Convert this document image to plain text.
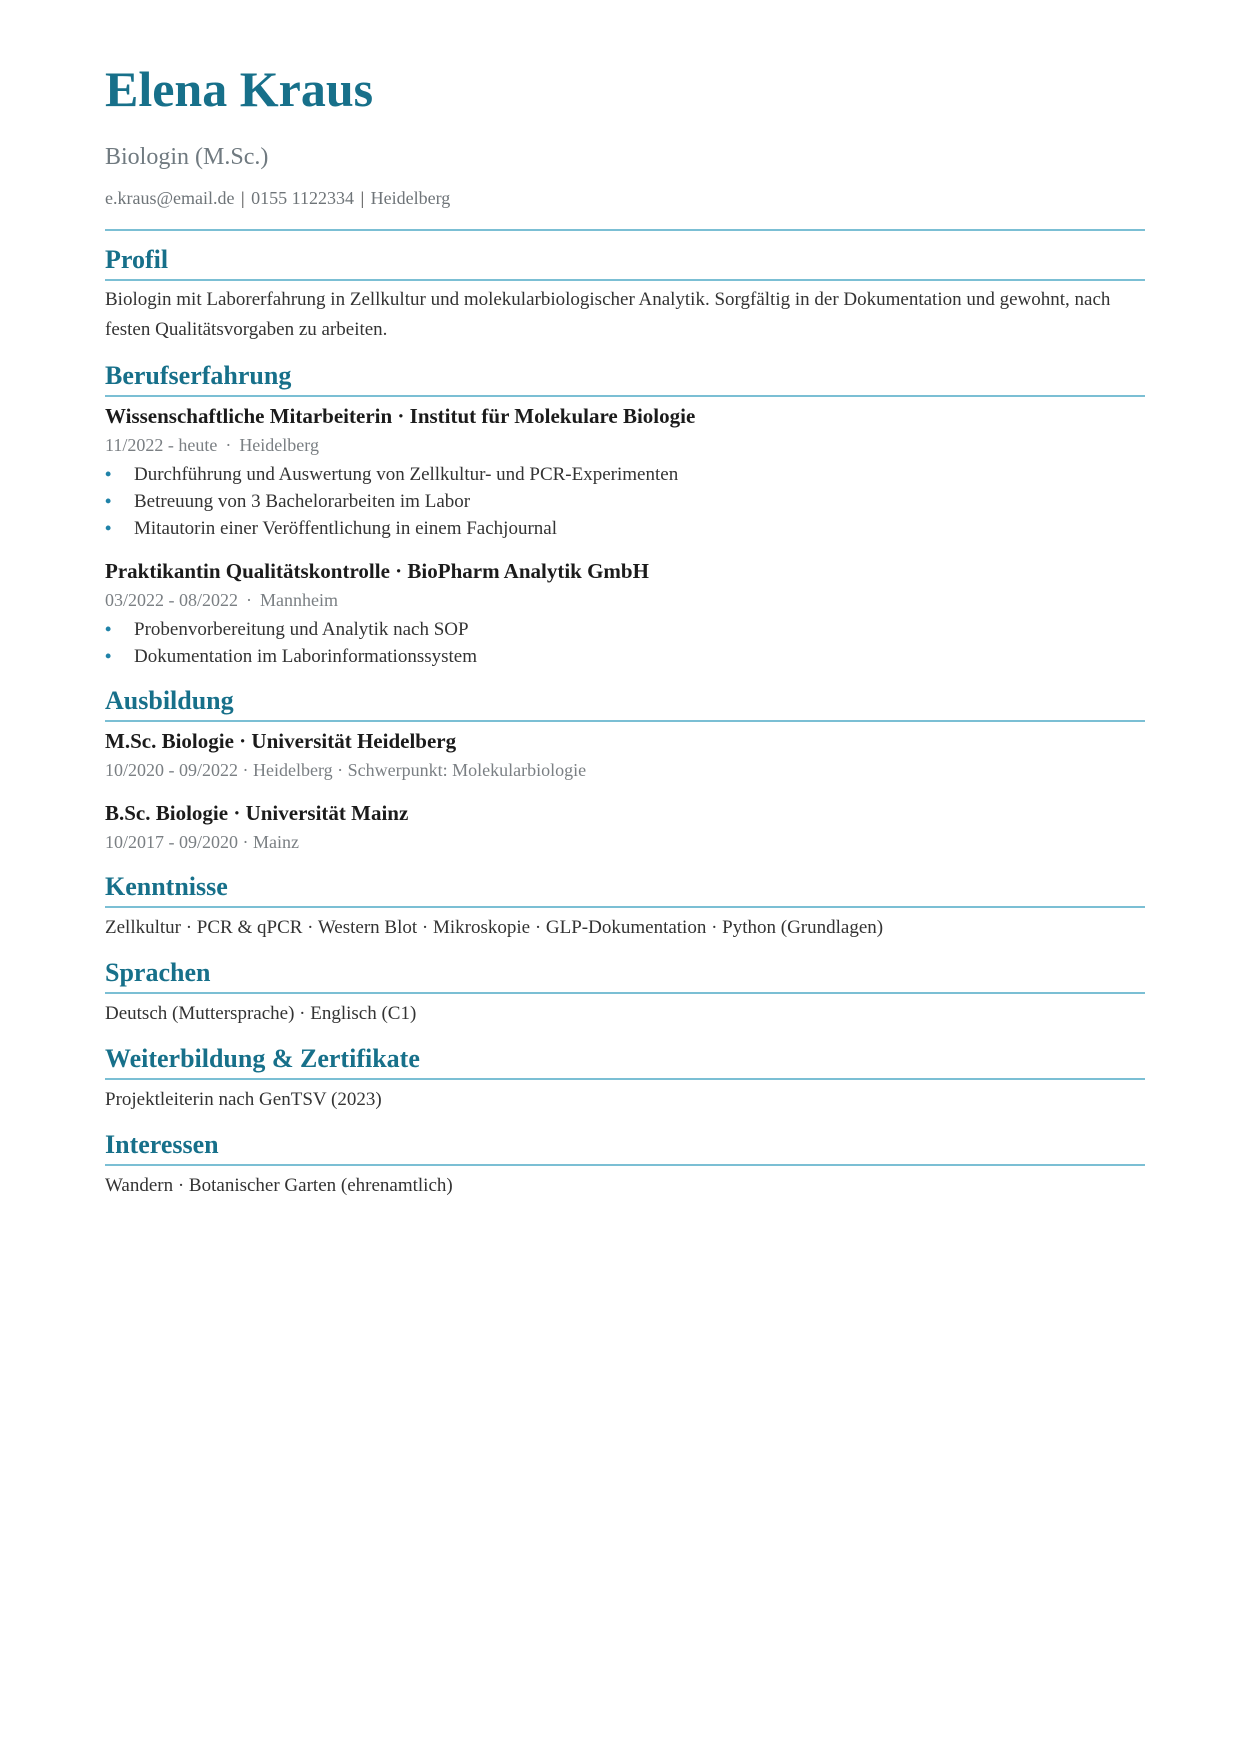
Elena Kraus
Biologin (M.Sc.)
e.kraus@email.de | 0155 1122334 | Heidelberg
Profil
Biologin mit Laborerfahrung in Zellkultur und molekularbiologischer Analytik. Sorgfältig in der Dokumentation und gewohnt, nach festen Qualitätsvorgaben zu arbeiten.
Berufserfahrung
Wissenschaftliche Mitarbeiterin · Institut für Molekulare Biologie
11/2022 - heute · Heidelberg
• Durchführung und Auswertung von Zellkultur- und PCR-Experimenten
• Betreuung von 3 Bachelorarbeiten im Labor
• Mitautorin einer Veröffentlichung in einem Fachjournal
Praktikantin Qualitätskontrolle · BioPharm Analytik GmbH
03/2022 - 08/2022 · Mannheim
• Probenvorbereitung und Analytik nach SOP
• Dokumentation im Laborinformationssystem
Ausbildung
M.Sc. Biologie · Universität Heidelberg
10/2020 - 09/2022 · Heidelberg · Schwerpunkt: Molekularbiologie
B.Sc. Biologie · Universität Mainz
10/2017 - 09/2020 · Mainz
Kenntnisse
Zellkultur · PCR & qPCR · Western Blot · Mikroskopie · GLP-Dokumentation · Python (Grundlagen)
Sprachen
Deutsch (Muttersprache) · Englisch (C1)
Weiterbildung & Zertifikate
Projektleiterin nach GenTSV (2023)
Interessen
Wandern · Botanischer Garten (ehrenamtlich)
